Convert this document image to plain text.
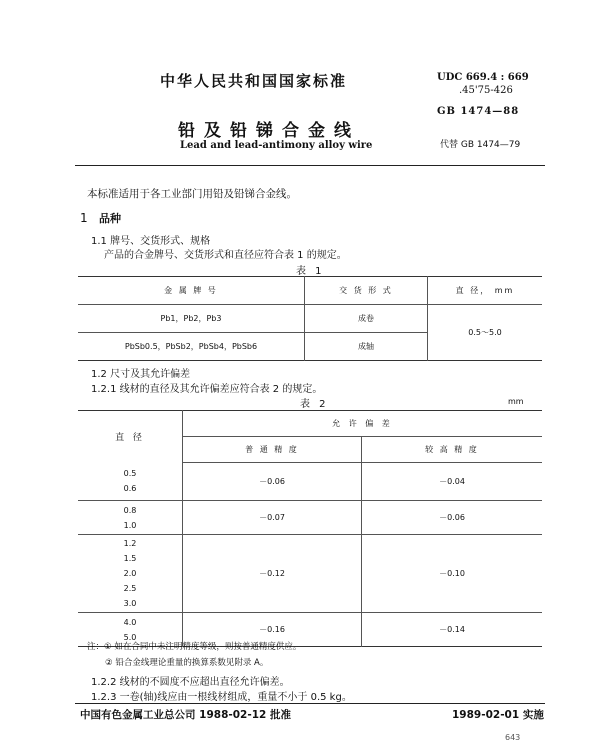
中华人民共和国国家标准
铅及铅锑合金线
Lead and lead-antimony alloy wire
UDC 669.4 : 669
.45'75-426
GB 1474—88
代替 GB 1474—79
本标准适用于各工业部门用铅及铅锑合金线。
1 品种
1.1 牌号、交货形式、规格
产品的合金牌号、交货形式和直径应符合表 1 的规定。
表 1
金 属 牌 号	交 货 形 式	直 径， mm
Pb1，Pb2，Pb3	成卷	0.5～5.0
PbSb0.5，PbSb2，PbSb4，PbSb6	成轴	
1.2 尺寸及其允许偏差
1.2.1 线材的直径及其允许偏差应符合表 2 的规定。
表 2	mm
直 径	允 许 偏 差	
	普 通 精 度	较 高 精 度

0.5
0.6	－0.06	－0.04

0.8
1.0	－0.07	－0.06

1.2
1.5
2.0
2.5
3.0	－0.12	－0.10

4.0
5.0	－0.16	－0.14
注：① 如在合同中未注明精度等级，则按普通精度供应。
② 铅合金线理论重量的换算系数见附录 A。
1.2.2 线材的不圆度不应超出直径允许偏差。
1.2.3 一卷(轴)线应由一根线材组成，重量不小于 0.5 kg。
中国有色金属工业总公司 1988-02-12 批准	1989-02-01 实施
643
